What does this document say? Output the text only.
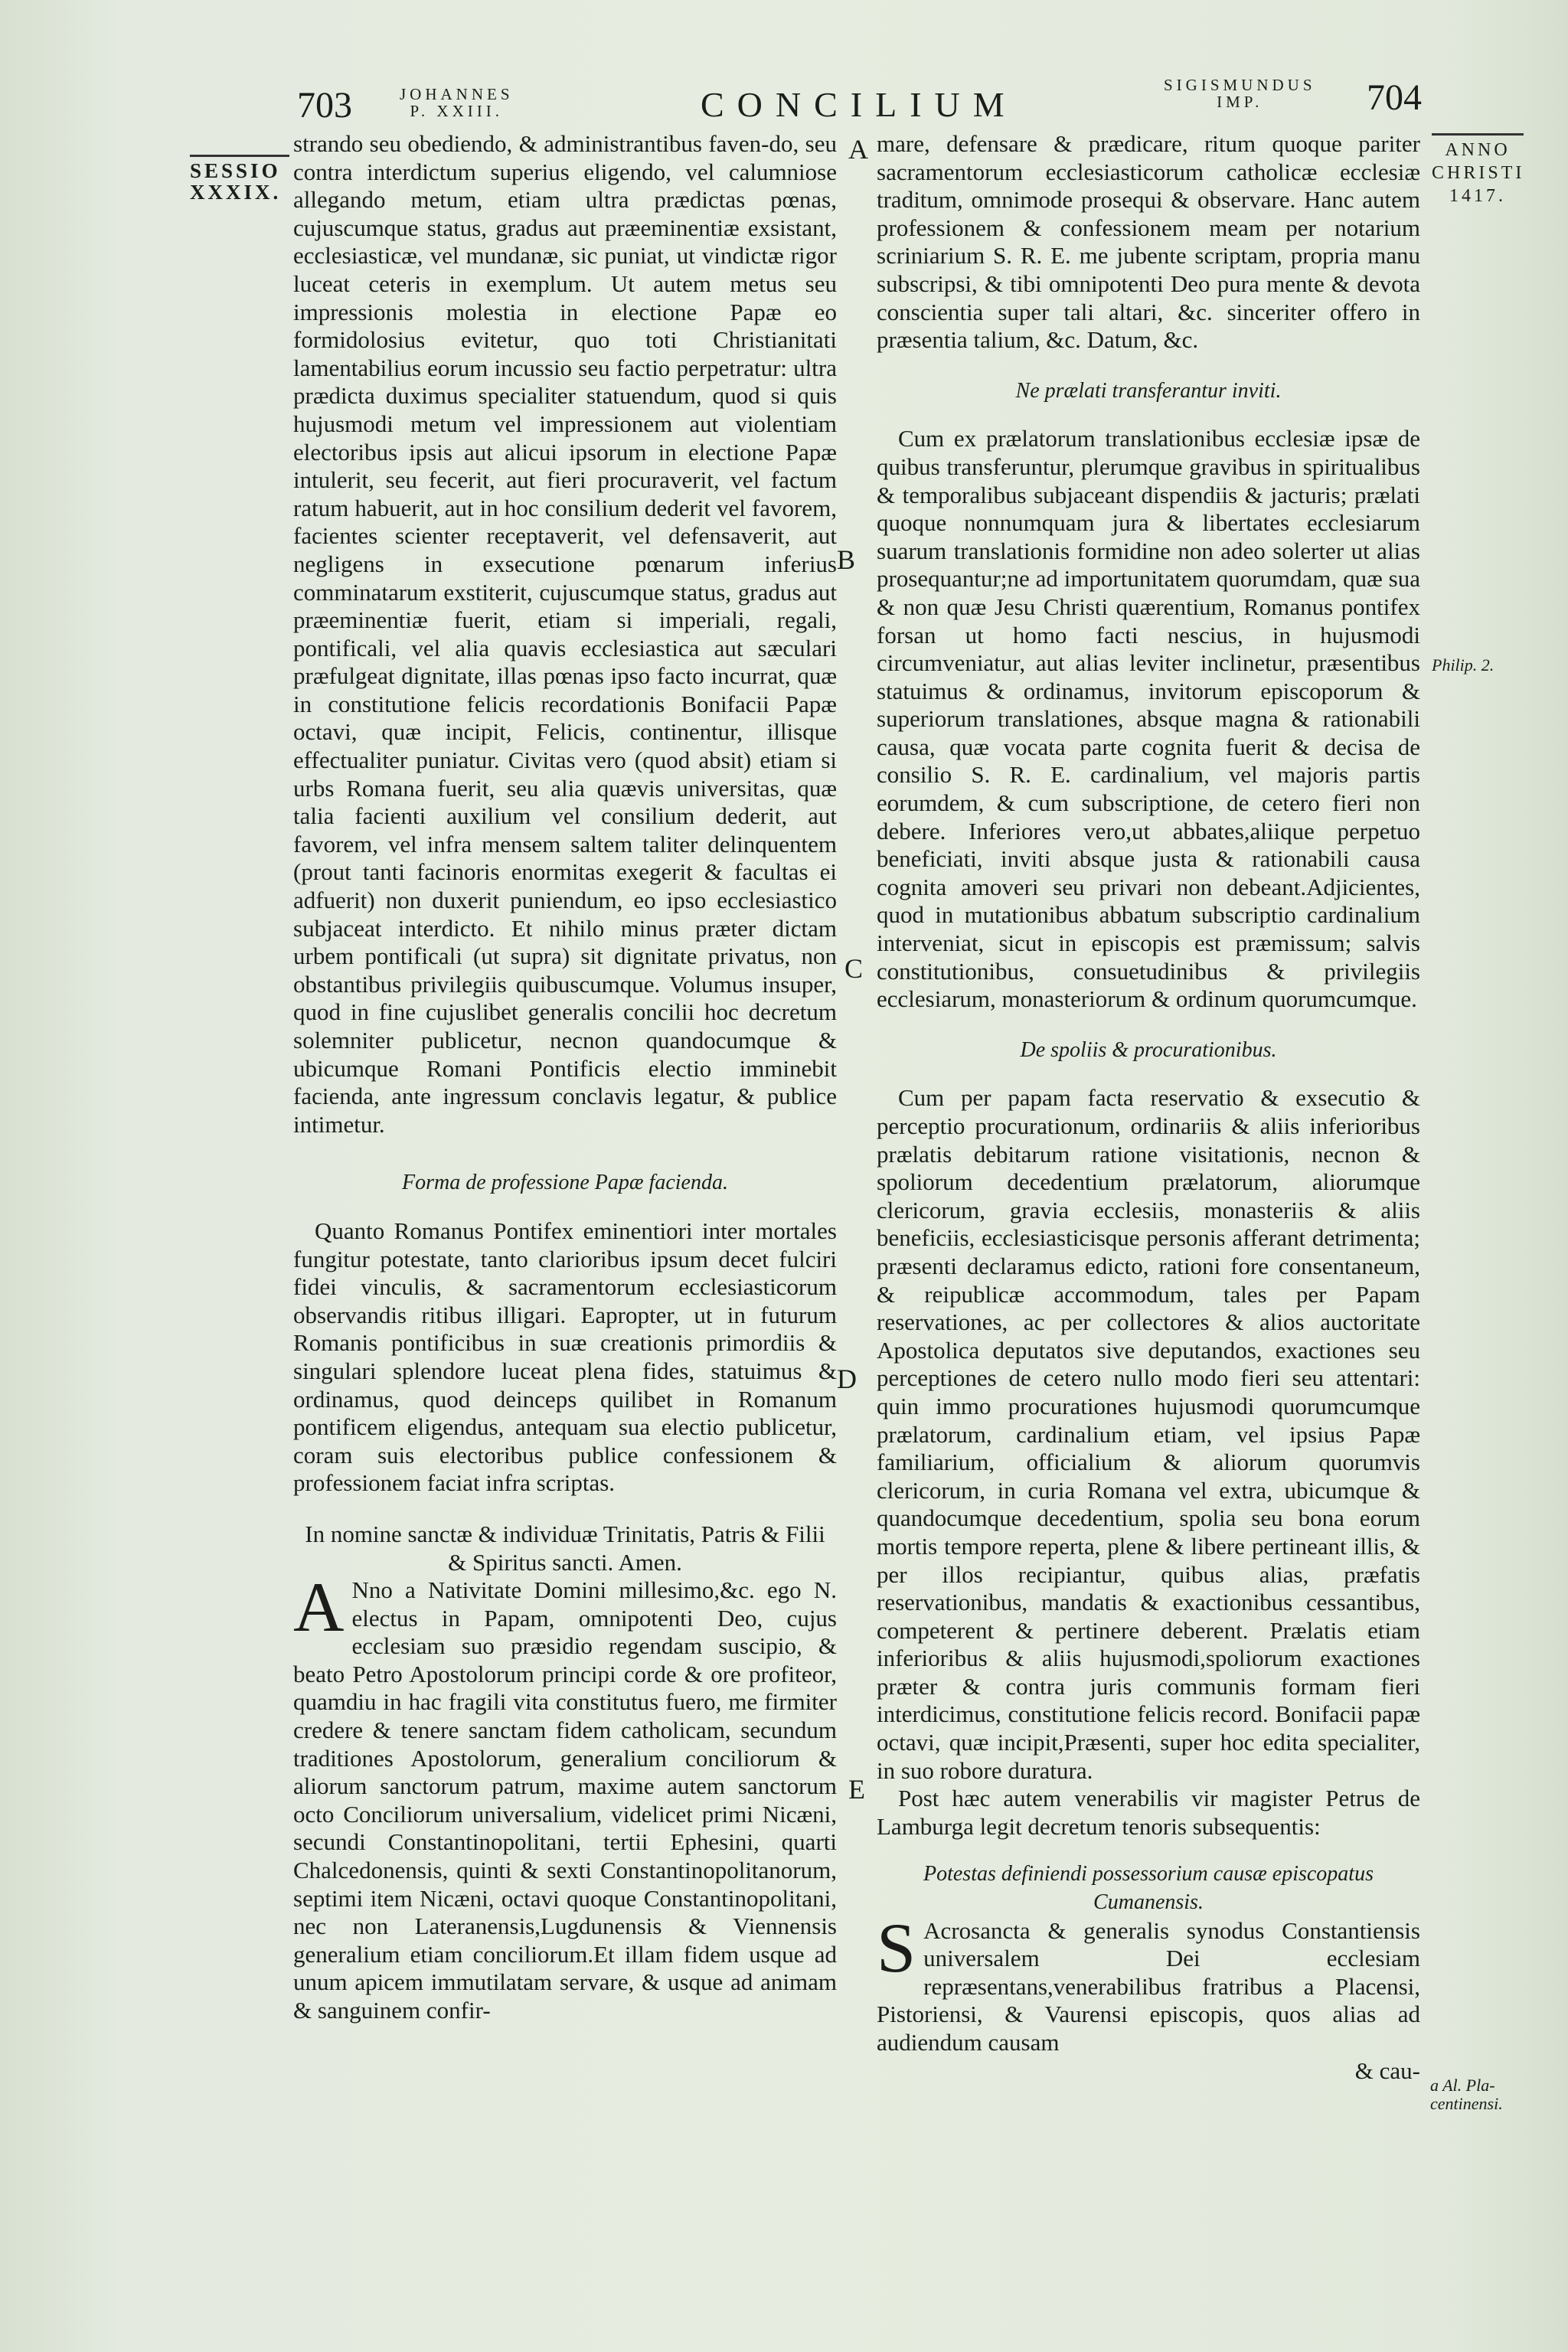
703	JOHANNES
P. XXIII.	CONCILIUM	SIGISMUNDUS
IMP.	704
SESSIO
XXXIX.
ANNO
CHRISTI
1417.
Philip. 2.
a Al. Pla-
centinensi.
A
B
C
D
E

strando seu obediendo, & administrantibus faven-do, seu contra interdictum superius eligendo, vel calumniose allegando metum, etiam ultra prædictas pœnas, cujuscumque status, gradus aut præeminentiæ exsistant, ecclesiasticæ, vel mundanæ, sic puniat, ut vindictæ rigor luceat ceteris in exemplum. Ut autem metus seu impressionis molestia in electione Papæ eo formidolosius evitetur, quo toti Christianitati lamentabilius eorum incussio seu factio perpetratur: ultra prædicta duximus specialiter statuendum, quod si quis hujusmodi metum vel impressionem aut violentiam electoribus ipsis aut alicui ipsorum in electione Papæ intulerit, seu fecerit, aut fieri procuraverit, vel factum ratum habuerit, aut in hoc consilium dederit vel favorem, facientes scienter receptaverit, vel defensaverit, aut negligens in exsecutione pœnarum inferius comminatarum exstiterit, cujuscumque status, gradus aut præeminentiæ fuerit, etiam si imperiali, regali, pontificali, vel alia quavis ecclesiastica aut sæculari præfulgeat dignitate, illas pœnas ipso facto incurrat, quæ in constitutione felicis recordationis Bonifacii Papæ octavi, quæ incipit, Felicis, continentur, illisque effectualiter puniatur. Civitas vero (quod absit) etiam si urbs Romana fuerit, seu alia quævis universitas, quæ talia facienti auxilium vel consilium dederit, aut favorem, vel infra mensem saltem taliter delinquentem (prout tanti facinoris enormitas exegerit & facultas ei adfuerit) non duxerit puniendum, eo ipso ecclesiastico subjaceat interdicto. Et nihilo minus præter dictam urbem pontificali (ut supra) sit dignitate privatus, non obstantibus privilegiis quibuscumque. Volumus insuper, quod in fine cujuslibet generalis concilii hoc decretum solemniter publicetur, necnon quandocumque & ubicumque Romani Pontificis electio imminebit facienda, ante ingressum conclavis legatur, & publice intimetur.

Forma de professione Papæ facienda.

Quanto Romanus Pontifex eminentiori inter mortales fungitur potestate, tanto clarioribus ipsum decet fulciri fidei vinculis, & sacramentorum ecclesiasticorum observandis ritibus illigari. Eapropter, ut in futurum Romanis pontificibus in suæ creationis primordiis & singulari splendore luceat plena fides, statuimus & ordinamus, quod deinceps quilibet in Romanum pontificem eligendus, antequam sua electio publicetur, coram suis electoribus publice confessionem & professionem faciat infra scriptas.

In nomine sanctæ & individuæ Trinitatis, Patris & Filii & Spiritus sancti. Amen.

A Nno a Nativitate Domini millesimo,&c. ego N. electus in Papam, omnipotenti Deo, cujus ecclesiam suo præsidio regendam suscipio, & beato Petro Apostolorum principi corde & ore profiteor, quamdiu in hac fragili vita constitutus fuero, me firmiter credere & tenere sanctam fidem catholicam, secundum traditiones Apostolorum, generalium conciliorum & aliorum sanctorum patrum, maxime autem sanctorum octo Conciliorum universalium, videlicet primi Nicæni, secundi Constantinopolitani, tertii Ephesini, quarti Chalcedonensis, quinti & sexti Constantinopolitanorum, septimi item Nicæni, octavi quoque Constantinopolitani, nec non Lateranensis,Lugdunensis & Viennensis generalium etiam conciliorum.Et illam fidem usque ad unum apicem immutilatam servare, & usque ad animam & sanguinem confir-

mare, defensare & prædicare, ritum quoque pariter sacramentorum ecclesiasticorum catholicæ ecclesiæ traditum, omnimode prosequi & observare. Hanc autem professionem & confessionem meam per notarium scriniarium S. R. E. me jubente scriptam, propria manu subscripsi, & tibi omnipotenti Deo pura mente & devota conscientia super tali altari, &c. sinceriter offero in præsentia talium, &c. Datum, &c.

Ne prælati transferantur inviti.

Cum ex prælatorum translationibus ecclesiæ ipsæ de quibus transferuntur, plerumque gravibus in spiritualibus & temporalibus subjaceant dispendiis & jacturis; prælati quoque nonnumquam jura & libertates ecclesiarum suarum translationis formidine non adeo solerter ut alias prosequantur;ne ad importunitatem quorumdam, quæ sua & non quæ Jesu Christi quærentium, Romanus pontifex forsan ut homo facti nescius, in hujusmodi circumveniatur, aut alias leviter inclinetur, præsentibus statuimus & ordinamus, invitorum episcoporum & superiorum translationes, absque magna & rationabili causa, quæ vocata parte cognita fuerit & decisa de consilio S. R. E. cardinalium, vel majoris partis eorumdem, & cum subscriptione, de cetero fieri non debere. Inferiores vero,ut abbates,aliique perpetuo beneficiati, inviti absque justa & rationabili causa cognita amoveri seu privari non debeant.Adjicientes, quod in mutationibus abbatum subscriptio cardinalium interveniat, sicut in episcopis est præmissum; salvis constitutionibus, consuetudinibus & privilegiis ecclesiarum, monasteriorum & ordinum quorumcumque.

De spoliis & procurationibus.

Cum per papam facta reservatio & exsecutio & perceptio procurationum, ordinariis & aliis inferioribus prælatis debitarum ratione visitationis, necnon & spoliorum decedentium prælatorum, aliorumque clericorum, gravia ecclesiis, monasteriis & aliis beneficiis, ecclesiasticisque personis afferant detrimenta; præsenti declaramus edicto, rationi fore consentaneum, & reipublicæ accommodum, tales per Papam reservationes, ac per collectores & alios auctoritate Apostolica deputatos sive deputandos, exactiones seu perceptiones de cetero nullo modo fieri seu attentari: quin immo procurationes hujusmodi quorumcumque prælatorum, cardinalium etiam, vel ipsius Papæ familiarium, officialium & aliorum quorumvis clericorum, in curia Romana vel extra, ubicumque & quandocumque decedentium, spolia seu bona eorum mortis tempore reperta, plene & libere pertineant illis, & per illos recipiantur, quibus alias, præfatis reservationibus, mandatis & exactionibus cessantibus, competerent & pertinere deberent. Prælatis etiam inferioribus & aliis hujusmodi,spoliorum exactiones præter & contra juris communis formam fieri interdicimus, constitutione felicis record. Bonifacii papæ octavi, quæ incipit,Præsenti, super hoc edita specialiter, in suo robore duratura.

Post hæc autem venerabilis vir magister Petrus de Lamburga legit decretum tenoris subsequentis:

Potestas definiendi possessorium causæ episcopatus Cumanensis.

S Acrosancta & generalis synodus Constantiensis universalem Dei ecclesiam repræsentans,venerabilibus fratribus a Placensi, Pistoriensi, & Vaurensi episcopis, quos alias ad audiendum causam

& cau-
